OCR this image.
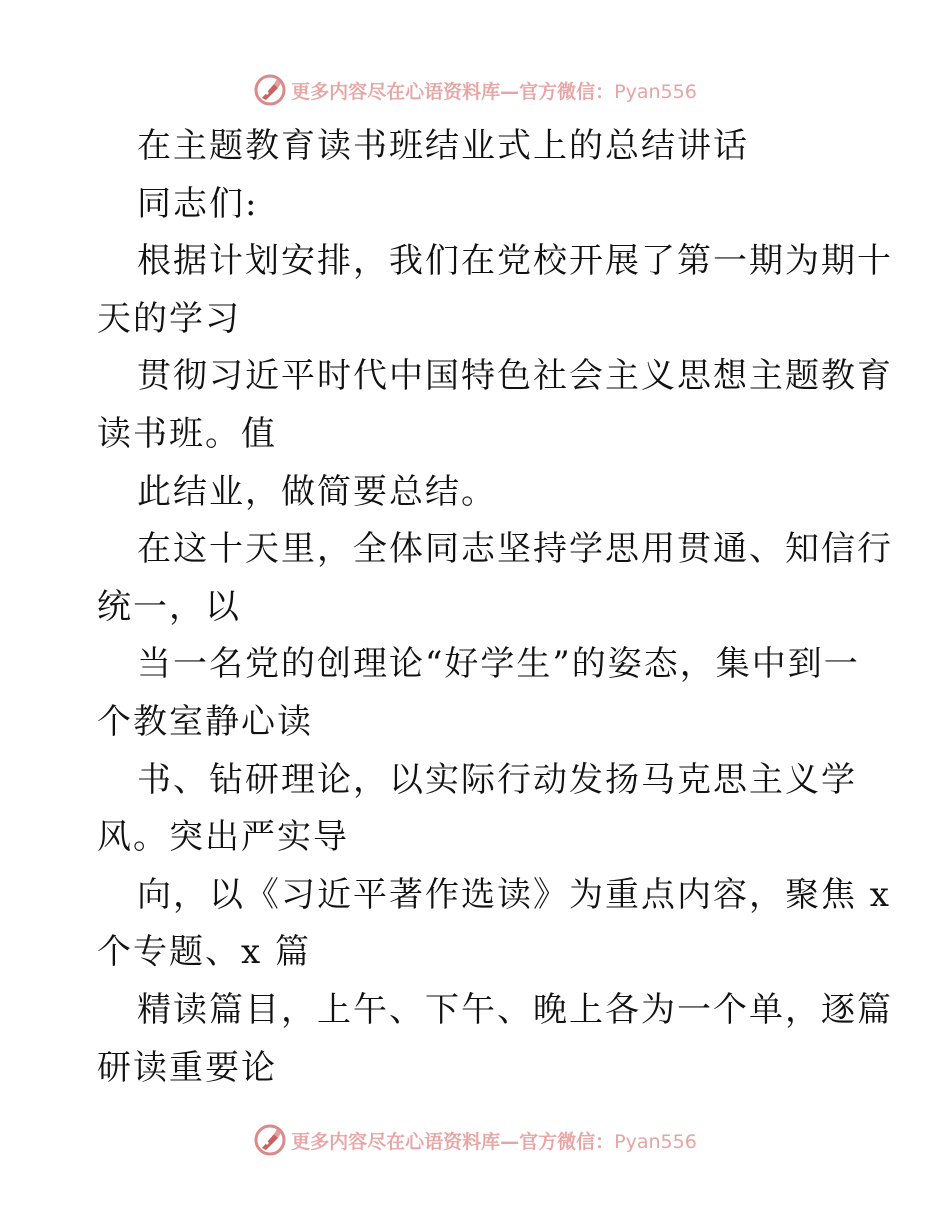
更多内容尽在心语资料库—官方微信：Pyan556
在主题教育读书班结业式上的总结讲话
同志们:
根据计划安排，我们在党校开展了第一期为期十
天的学习
贯彻习近平时代中国特色社会主义思想主题教育
读书班。值
此结业，做简要总结。
在这十天里，全体同志坚持学思用贯通、知信行
统一，以
当一名党的创理论“好学生”的姿态，集中到一
个教室静心读
书、钻研理论，以实际行动发扬马克思主义学
风。突出严实导
向，以《习近平著作选读》为重点内容，聚焦 x
个专题、x 篇
精读篇目，上午、下午、晚上各为一个单，逐篇
研读重要论
更多内容尽在心语资料库—官方微信：Pyan556
